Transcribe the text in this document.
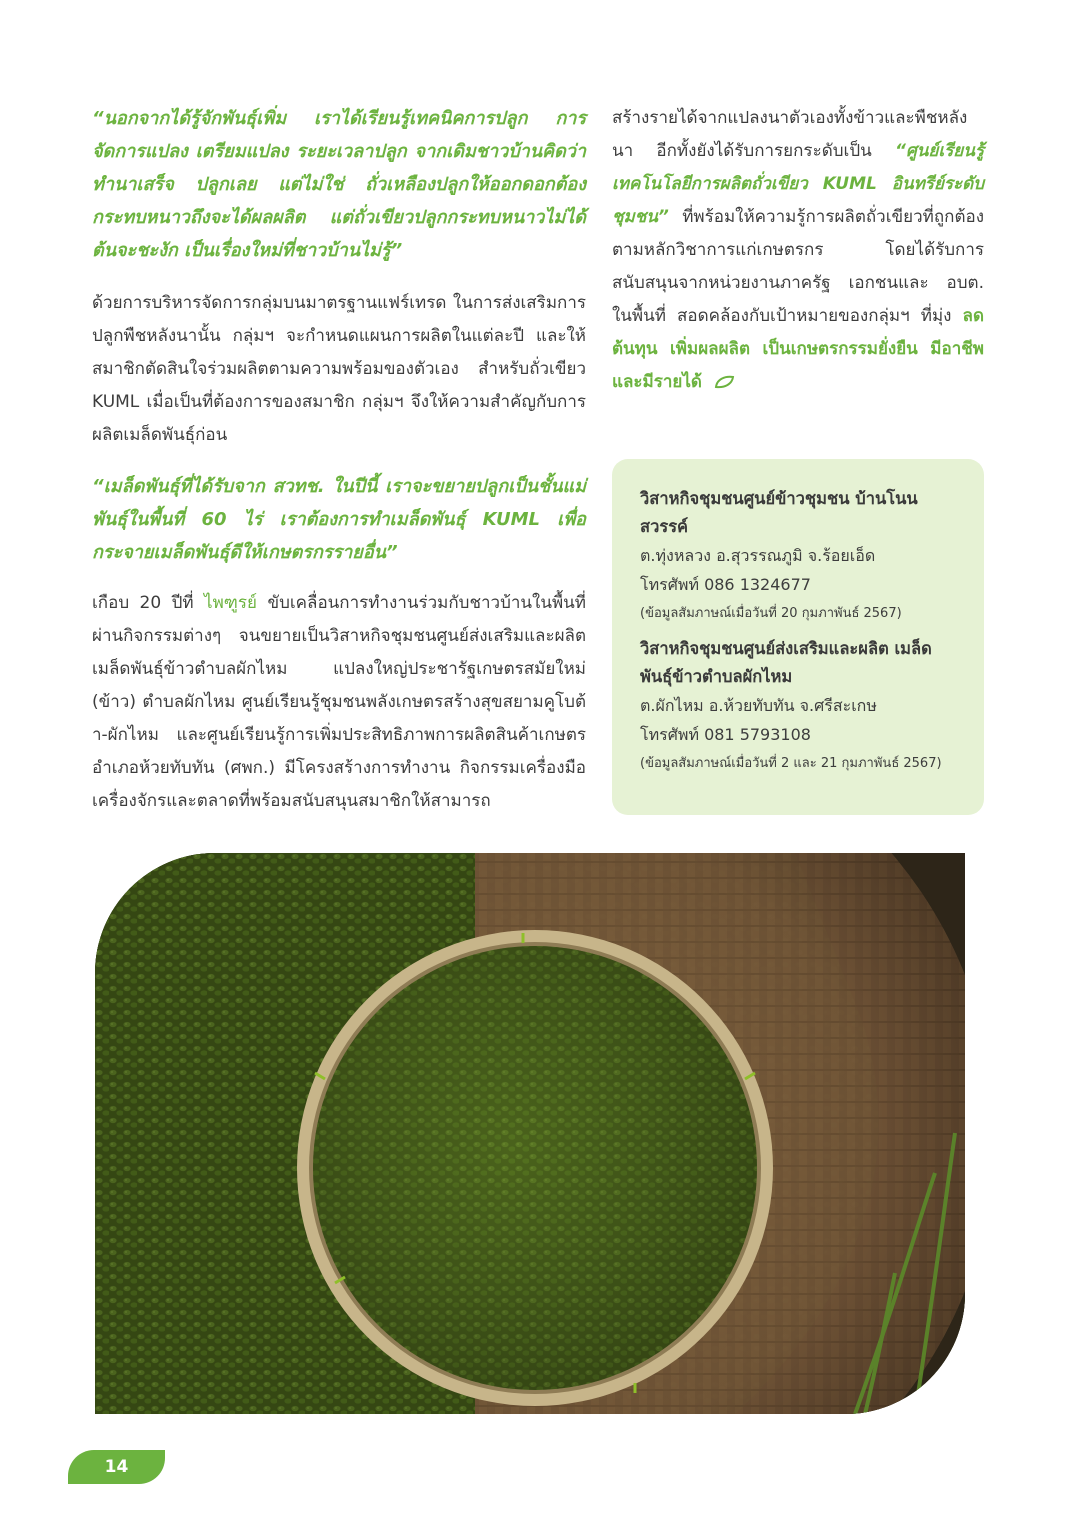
“นอกจากได้รู้จักพันธุ์เพิ่ม เราได้เรียนรู้เทคนิคการปลูก การจัดการแปลง เตรียมแปลง ระยะเวลาปลูก จากเดิมชาวบ้านคิดว่าทำนาเสร็จ ปลูกเลย แต่ไม่ใช่ ถั่วเหลืองปลูกให้ออกดอกต้องกระทบหนาวถึงจะได้ผลผลิต แต่ถั่วเขียวปลูกกระทบหนาวไม่ได้ ต้นจะชะงัก เป็นเรื่องใหม่ที่ชาวบ้านไม่รู้”

ด้วยการบริหารจัดการกลุ่มบนมาตรฐานแฟร์เทรด ในการส่งเสริมการปลูกพืชหลังนานั้น กลุ่มฯ จะกำหนดแผนการผลิตในแต่ละปี และให้สมาชิกตัดสินใจร่วมผลิตตามความพร้อมของตัวเอง สำหรับถั่วเขียว KUML เมื่อเป็นที่ต้องการของสมาชิก กลุ่มฯ จึงให้ความสำคัญกับการผลิตเมล็ดพันธุ์ก่อน

“เมล็ดพันธุ์ที่ได้รับจาก สวทช. ในปีนี้ เราจะขยายปลูกเป็นชั้นแม่พันธุ์ในพื้นที่ 60 ไร่ เราต้องการทำเมล็ดพันธุ์ KUML เพื่อกระจายเมล็ดพันธุ์ดีให้เกษตรกรรายอื่น”

เกือบ 20 ปีที่ ไพฑูรย์ ขับเคลื่อนการทำงานร่วมกับชาวบ้านในพื้นที่ ผ่านกิจกรรมต่างๆ จนขยายเป็นวิสาหกิจชุมชนศูนย์ส่งเสริมและผลิตเมล็ดพันธุ์ข้าวตำบลผักไหม แปลงใหญ่ประชารัฐเกษตรสมัยใหม่ (ข้าว) ตำบลผักไหม ศูนย์เรียนรู้ชุมชนพลังเกษตรสร้างสุขสยามคูโบต้า-ผักไหม และศูนย์เรียนรู้การเพิ่มประสิทธิภาพการผลิตสินค้าเกษตร อำเภอห้วยทับทัน (ศพก.) มีโครงสร้างการทำงาน กิจกรรมเครื่องมือเครื่องจักรและตลาดที่พร้อมสนับสนุนสมาชิกให้สามารถ

สร้างรายได้จากแปลงนาตัวเองทั้งข้าวและพืชหลังนา อีกทั้งยังได้รับการยกระดับเป็น “ศูนย์เรียนรู้เทคโนโลยีการผลิตถั่วเขียว KUML อินทรีย์ระดับชุมชน” ที่พร้อมให้ความรู้การผลิตถั่วเขียวที่ถูกต้องตามหลักวิชาการแก่เกษตรกร โดยได้รับการสนับสนุนจากหน่วยงานภาครัฐ เอกชนและ อบต. ในพื้นที่ สอดคล้องกับเป้าหมายของกลุ่มฯ ที่มุ่ง ลดต้นทุน เพิ่มผลผลิต เป็นเกษตรกรรมยั่งยืน มีอาชีพและมีรายได้

วิสาหกิจชุมชนศูนย์ข้าวชุมชน บ้านโนนสวรรค์
ต.ทุ่งหลวง อ.สุวรรณภูมิ จ.ร้อยเอ็ด
โทรศัพท์ 086 1324677
(ข้อมูลสัมภาษณ์เมื่อวันที่ 20 กุมภาพันธ์ 2567)
วิสาหกิจชุมชนศูนย์ส่งเสริมและผลิต เมล็ดพันธุ์ข้าวตำบลผักไหม
ต.ผักไหม อ.ห้วยทับทัน จ.ศรีสะเกษ
โทรศัพท์ 081 5793108
(ข้อมูลสัมภาษณ์เมื่อวันที่ 2 และ 21 กุมภาพันธ์ 2567)
14
